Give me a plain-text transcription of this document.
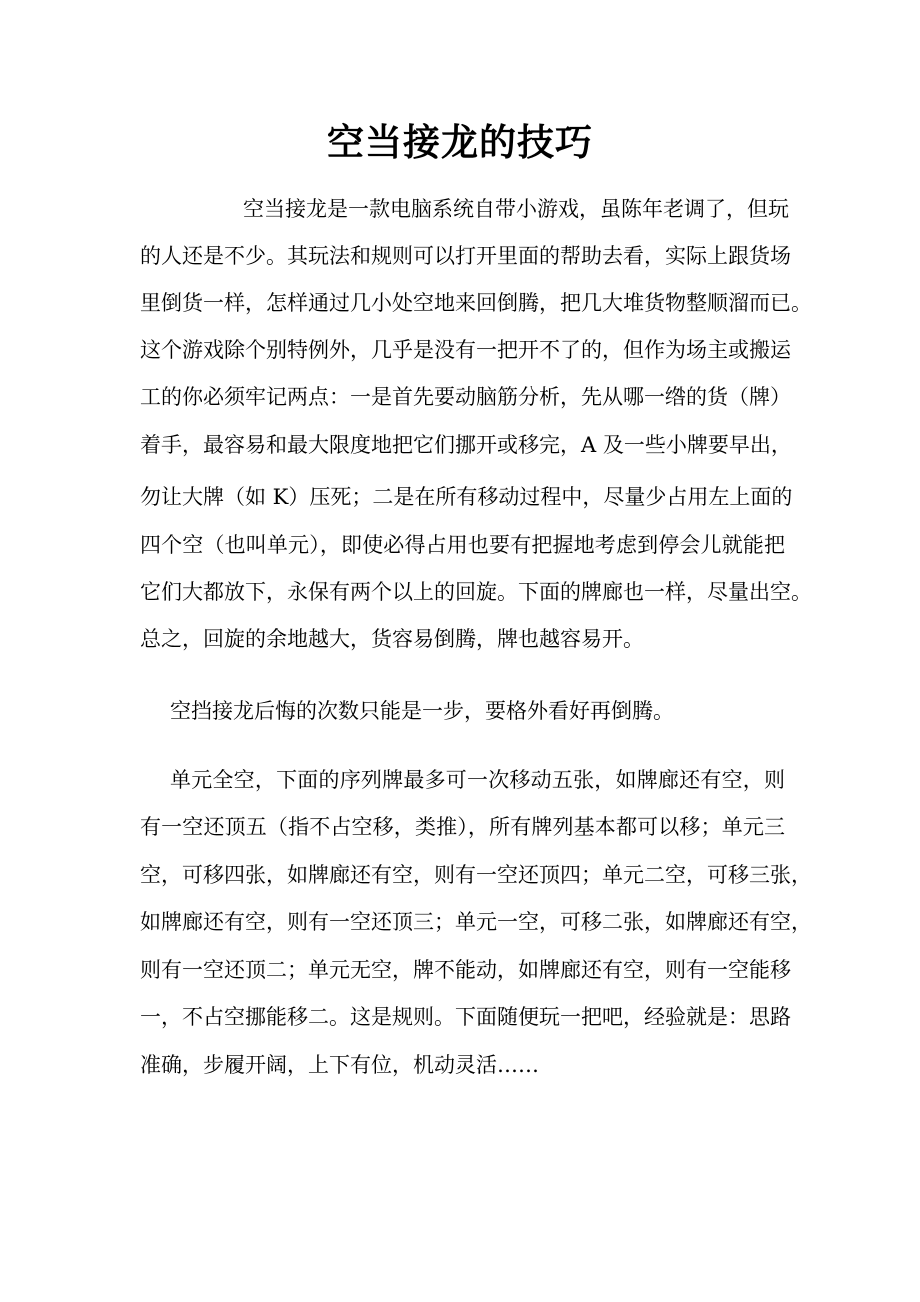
空当接龙的技巧
空当接龙是一款电脑系统自带小游戏，虽陈年老调了，但玩
的人还是不少。其玩法和规则可以打开里面的帮助去看，实际上跟货场
里倒货一样，怎样通过几小处空地来回倒腾，把几大堆货物整顺溜而已。
这个游戏除个别特例外，几乎是没有一把开不了的，但作为场主或搬运
工的你必须牢记两点：一是首先要动脑筋分析，先从哪一绺的货（牌）
着手，最容易和最大限度地把它们挪开或移完，A 及一些小牌要早出，
勿让大牌（如 K）压死；二是在所有移动过程中，尽量少占用左上面的
四个空（也叫单元），即使必得占用也要有把握地考虑到停会儿就能把
它们大都放下，永保有两个以上的回旋。下面的牌廊也一样，尽量出空。
总之，回旋的余地越大，货容易倒腾，牌也越容易开。
空挡接龙后悔的次数只能是一步，要格外看好再倒腾。
单元全空，下面的序列牌最多可一次移动五张，如牌廊还有空，则
有一空还顶五（指不占空移，类推），所有牌列基本都可以移；单元三
空，可移四张，如牌廊还有空，则有一空还顶四；单元二空，可移三张，
如牌廊还有空，则有一空还顶三；单元一空，可移二张，如牌廊还有空，
则有一空还顶二；单元无空，牌不能动，如牌廊还有空，则有一空能移
一，不占空挪能移二。这是规则。下面随便玩一把吧，经验就是：思路
准确，步履开阔，上下有位，机动灵活……
